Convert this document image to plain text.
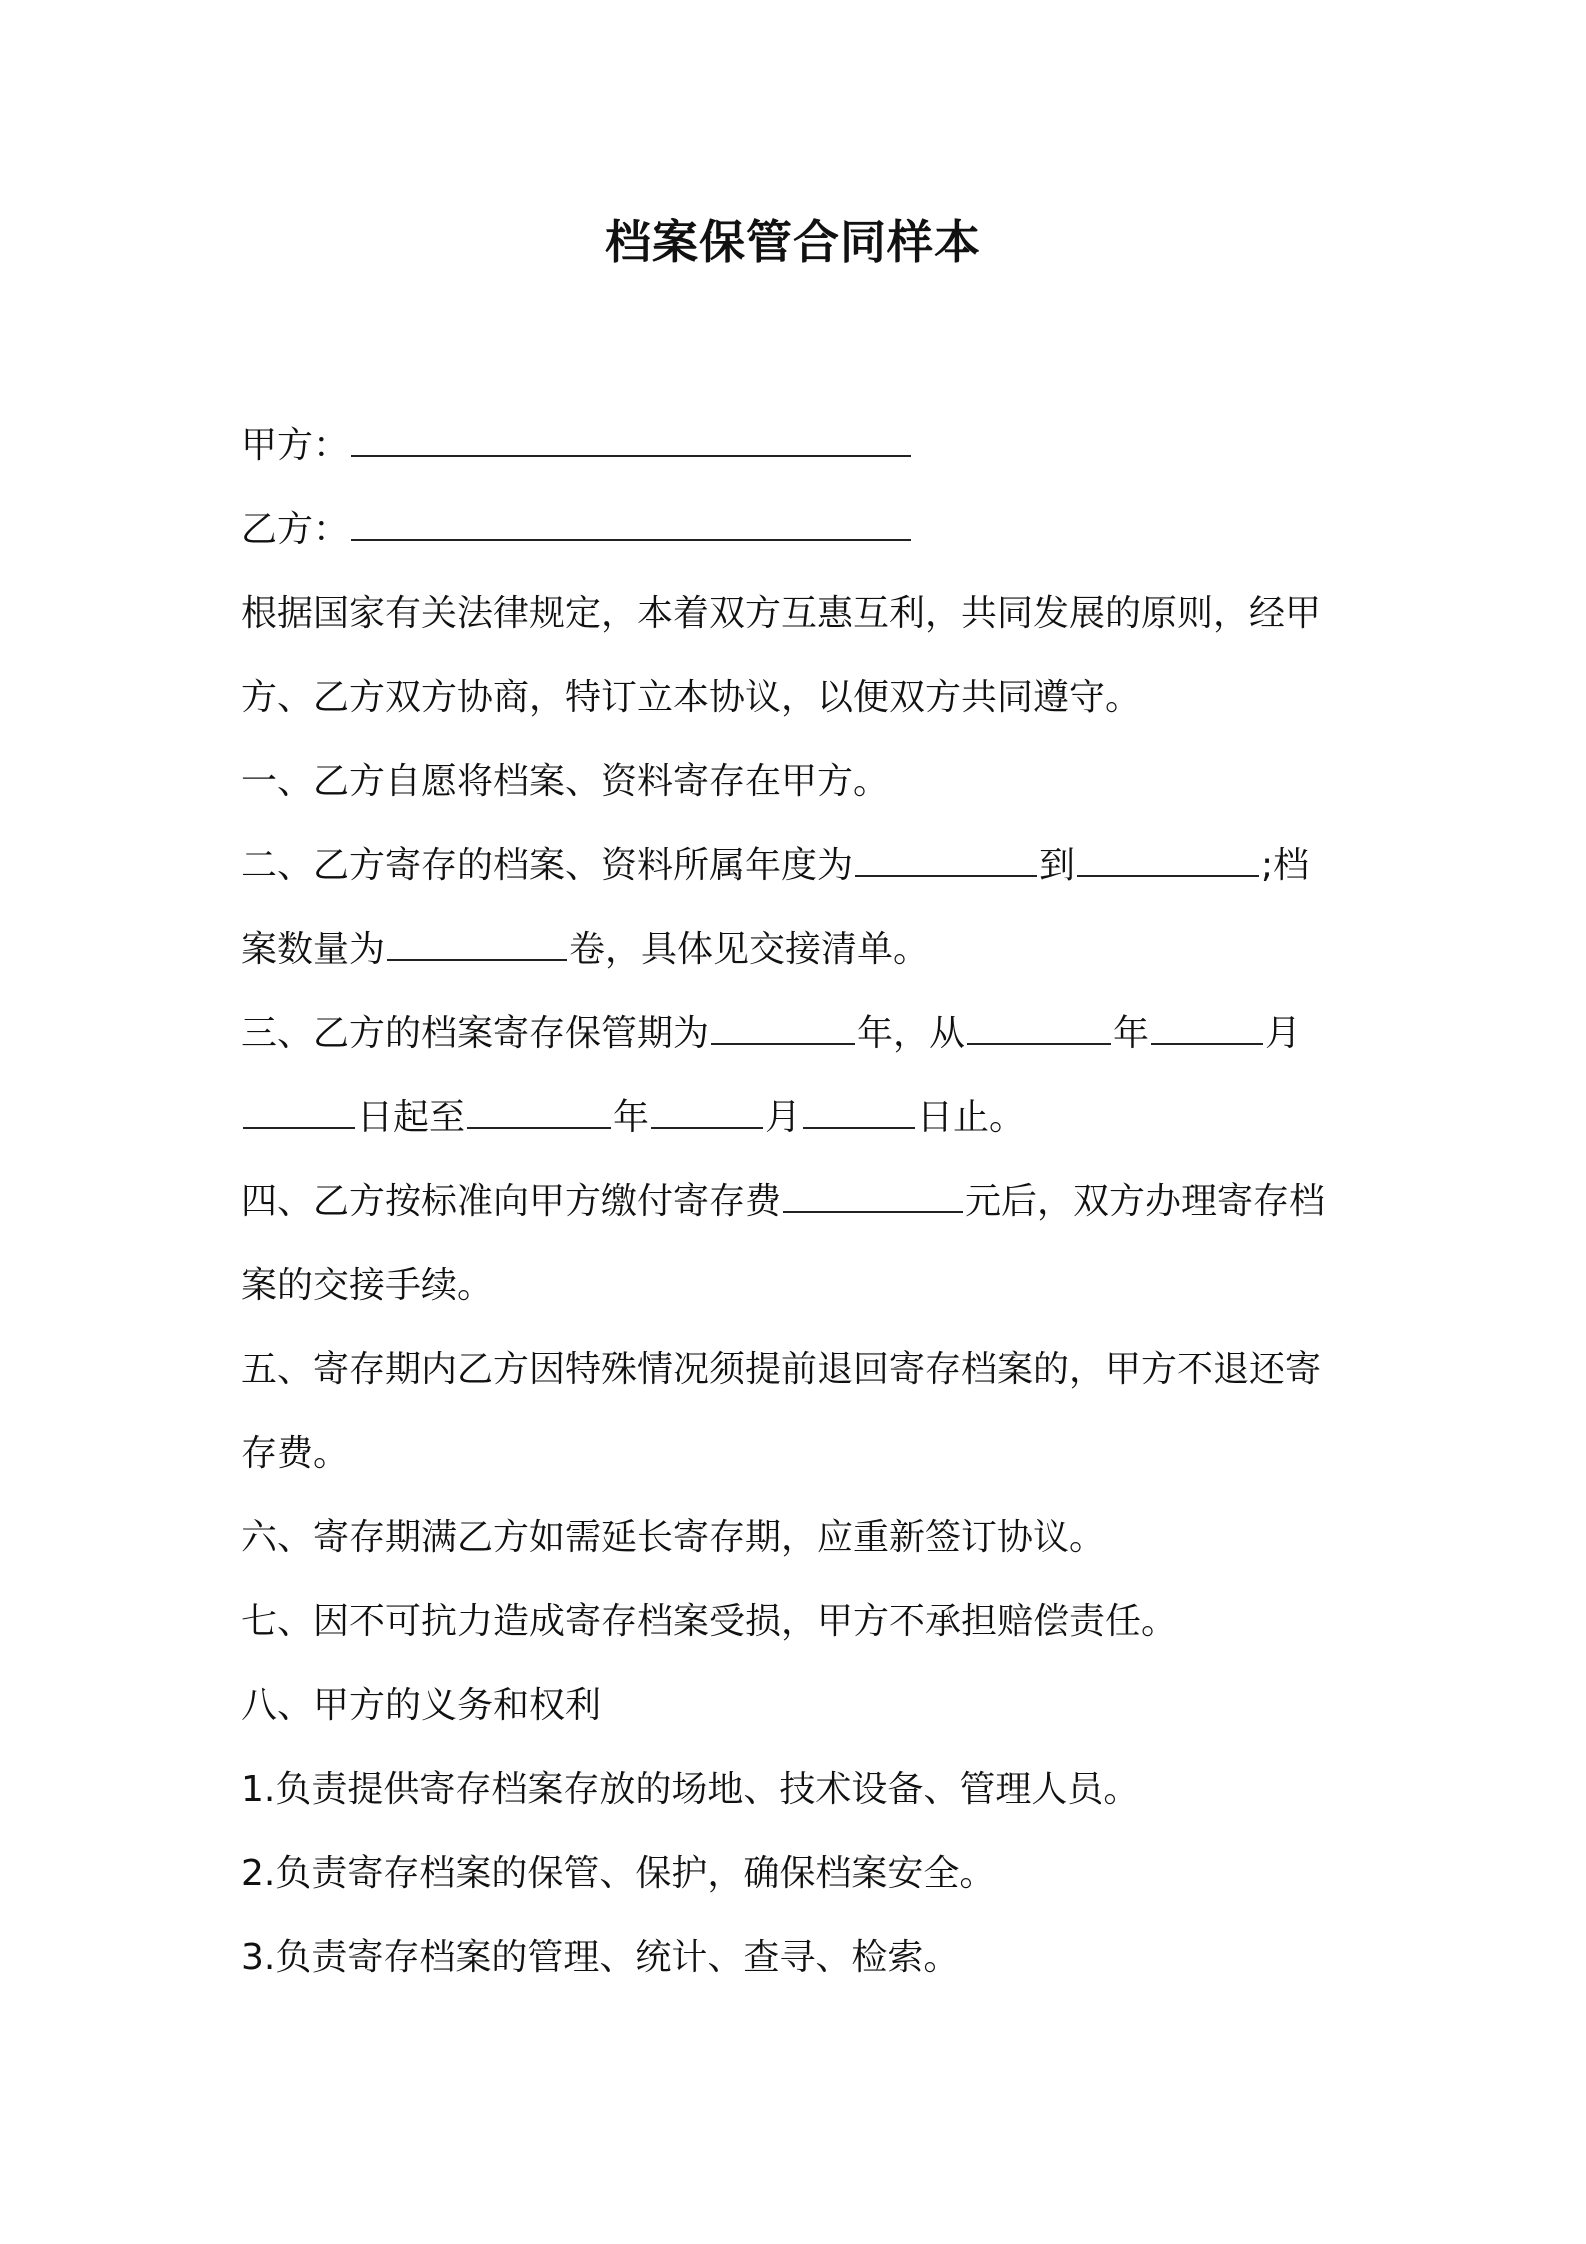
档案保管合同样本
甲方：
乙方：
根据国家有关法律规定，本着双方互惠互利，共同发展的原则，经甲
方、乙方双方协商，特订立本协议，以便双方共同遵守。
一、乙方自愿将档案、资料寄存在甲方。
二、乙方寄存的档案、资料所属年度为	到	;档
案数量为	卷，具体见交接清单。
三、乙方的档案寄存保管期为	年，从	年	月
日起至	年	月	日止。
四、乙方按标准向甲方缴付寄存费	元后，双方办理寄存档
案的交接手续。
五、寄存期内乙方因特殊情况须提前退回寄存档案的，甲方不退还寄
存费。
六、寄存期满乙方如需延长寄存期，应重新签订协议。
七、因不可抗力造成寄存档案受损，甲方不承担赔偿责任。
八、甲方的义务和权利
1.负责提供寄存档案存放的场地、技术设备、管理人员。
2.负责寄存档案的保管、保护，确保档案安全。
3.负责寄存档案的管理、统计、查寻、检索。
